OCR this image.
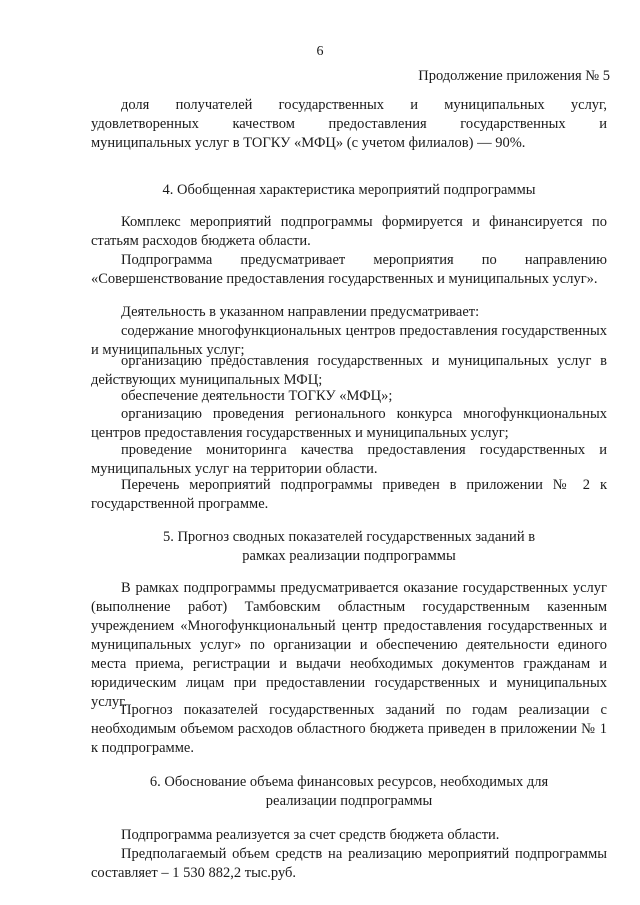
6
Продолжение приложения № 5
доля получателей государственных и муниципальных услуг,
удовлетворенных качеством предоставления государственных и
муниципальных услуг в ТОГКУ «МФЦ» (с учетом филиалов) — 90%.
4. Обобщенная характеристика мероприятий подпрограммы
Комплекс мероприятий подпрограммы формируется и финансируется по статьям расходов бюджета области.
Подпрограмма предусматривает мероприятия по направлению «Совершенствование предоставления государственных и муниципальных услуг».
Деятельность в указанном направлении предусматривает:
содержание многофункциональных центров предоставления государственных и муниципальных услуг;
организацию предоставления государственных и муниципальных услуг в действующих муниципальных МФЦ;
обеспечение деятельности ТОГКУ «МФЦ»;
организацию проведения регионального конкурса многофункциональных центров предоставления государственных и муниципальных услуг;
проведение мониторинга качества предоставления государственных и муниципальных услуг на территории области.
Перечень мероприятий подпрограммы приведен в приложении № 2 к государственной программе.
5. Прогноз сводных показателей государственных заданий в
рамках реализации подпрограммы
В рамках подпрограммы предусматривается оказание государственных услуг (выполнение работ) Тамбовским областным государственным казенным учреждением «Многофункциональный центр предоставления государственных и муниципальных услуг» по организации и обеспечению деятельности единого места приема, регистрации и выдачи необходимых документов гражданам и юридическим лицам при предоставлении государственных и муниципальных услуг.
Прогноз показателей государственных заданий по годам реализации с необходимым объемом расходов областного бюджета приведен в приложении № 1 к подпрограмме.
6. Обоснование объема финансовых ресурсов, необходимых для
реализации подпрограммы
Подпрограмма реализуется за счет средств бюджета области.
Предполагаемый объем средств на реализацию мероприятий подпрограммы составляет – 1 530 882,2 тыс.руб.
